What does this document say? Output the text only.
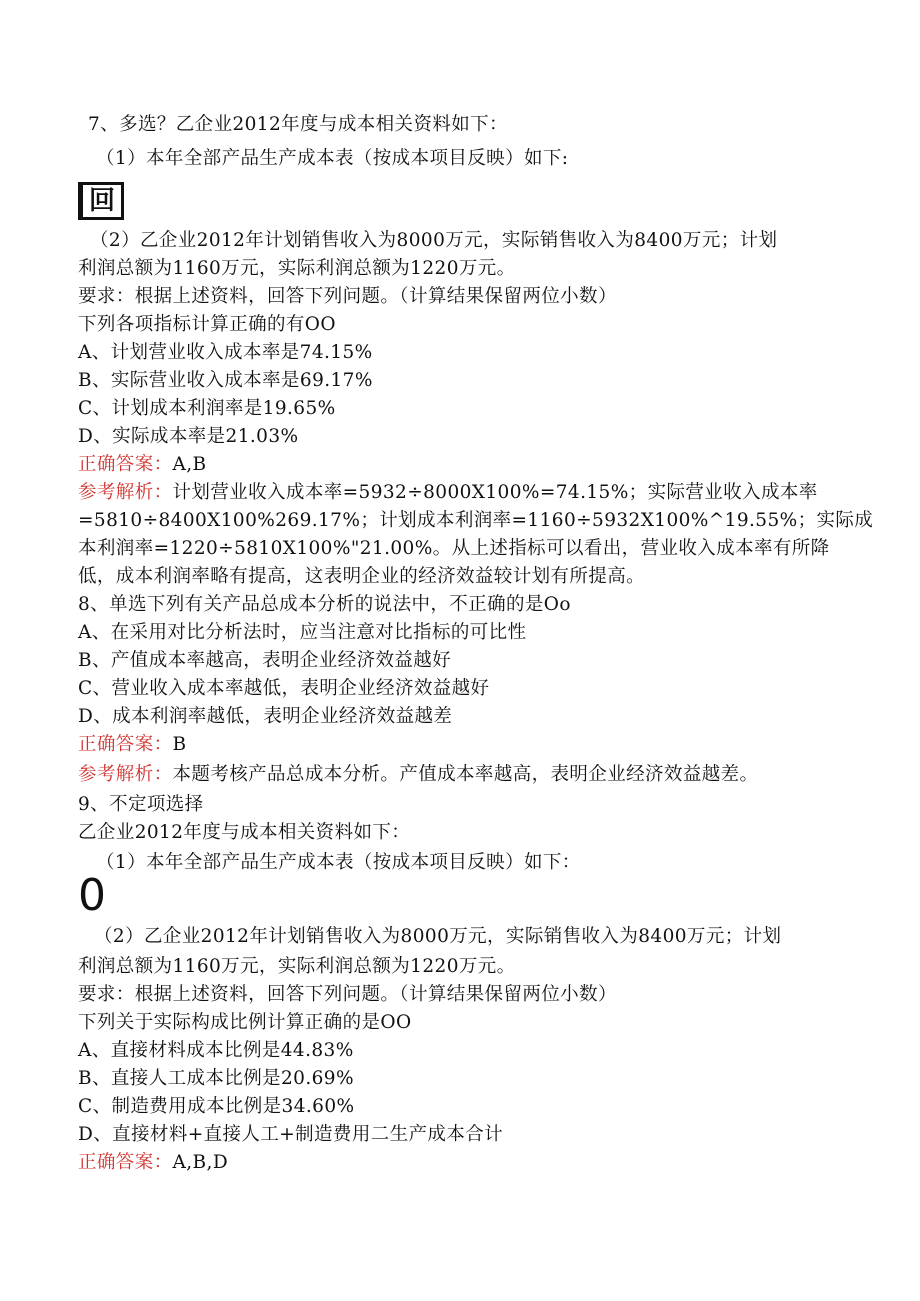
7、多选？乙企业2012年度与成本相关资料如下：
（1）本年全部产品生产成本表（按成本项目反映）如下:
回
（2）乙企业2012年计划销售收入为8000万元，实际销售收入为8400万元；计划
利润总额为1160万元，实际利润总额为1220万元。
要求：根据上述资料，回答下列问题。（计算结果保留两位小数）
下列各项指标计算正确的有OO
A、计划营业收入成本率是74.15%
B、实际营业收入成本率是69.17%
C、计划成本利润率是19.65%
D、实际成本率是21.03%
正确答案：A,B
参考解析：计划营业收入成本率=5932÷8000X100%=74.15%；实际营业收入成本率
=5810÷8400X100%269.17%；计划成本利润率=1160÷5932X100%^19.55%；实际成
本利润率=1220÷5810X100%"21.00%。从上述指标可以看出，营业收入成本率有所降
低，成本利润率略有提高，这表明企业的经济效益较计划有所提高。
8、单选下列有关产品总成本分析的说法中，不正确的是Oo
A、在采用对比分析法时，应当注意对比指标的可比性
B、产值成本率越高，表明企业经济效益越好
C、营业收入成本率越低，表明企业经济效益越好
D、成本利润率越低，表明企业经济效益越差
正确答案：B
参考解析：本题考核产品总成本分析。产值成本率越高，表明企业经济效益越差。
9、不定项选择
乙企业2012年度与成本相关资料如下：
（1）本年全部产品生产成本表（按成本项目反映）如下：
0
（2）乙企业2012年计划销售收入为8000万元，实际销售收入为8400万元；计划
利润总额为1160万元，实际利润总额为1220万元。
要求：根据上述资料，回答下列问题。（计算结果保留两位小数）
下列关于实际构成比例计算正确的是OO
A、直接材料成本比例是44.83%
B、直接人工成本比例是20.69%
C、制造费用成本比例是34.60%
D、直接材料+直接人工+制造费用二生产成本合计
正确答案：A,B,D
